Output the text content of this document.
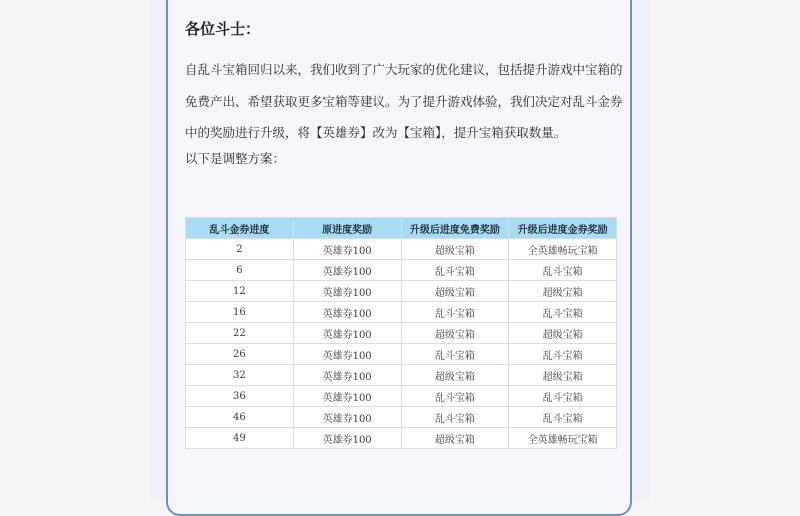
各位斗士：

自乱斗宝箱回归以来，我们收到了广大玩家的优化建议，包括提升游戏中宝箱的免费产出、希望获取更多宝箱等建议。为了提升游戏体验，我们决定对乱斗金券中的奖励进行升级，将【英雄券】改为【宝箱】，提升宝箱获取数量。

以下是调整方案：

乱斗金券进度	原进度奖励	升级后进度免费奖励	升级后进度金券奖励
2	英雄券100	超级宝箱	全英雄畅玩宝箱
6	英雄券100	乱斗宝箱	乱斗宝箱
12	英雄券100	超级宝箱	超级宝箱
16	英雄券100	乱斗宝箱	乱斗宝箱
22	英雄券100	超级宝箱	超级宝箱
26	英雄券100	乱斗宝箱	乱斗宝箱
32	英雄券100	超级宝箱	超级宝箱
36	英雄券100	乱斗宝箱	乱斗宝箱
46	英雄券100	乱斗宝箱	乱斗宝箱
49	英雄券100	超级宝箱	全英雄畅玩宝箱
